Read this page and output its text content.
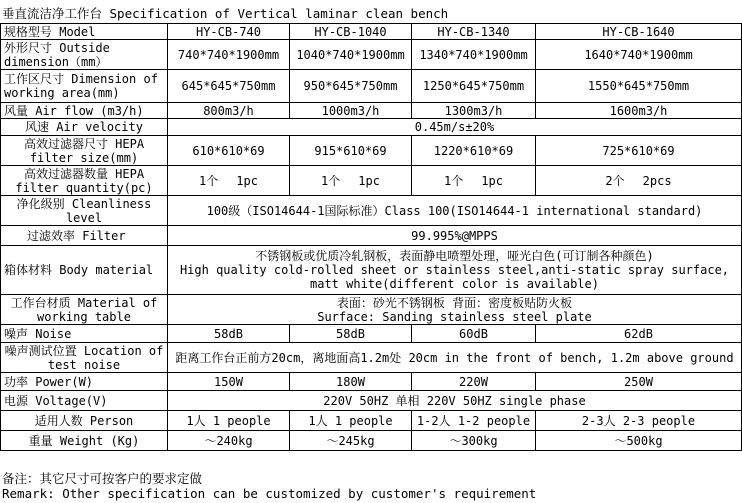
垂直流洁净工作台 Specification of Vertical laminar clean bench
规格型号 Model	HY-CB-740	HY-CB-1040	HY-CB-1340	HY-CB-1640
外形尺寸 Outside dimension（mm）	740*740*1900mm	1040*740*1900mm	1340*740*1900mm	1640*740*1900mm
工作区尺寸 Dimension of working area(mm)	645*645*750mm	950*645*750mm	1250*645*750mm	1550*645*750mm
风量 Air flow (m3/h)	800m3/h	1000m3/h	1300m3/h	1600m3/h
风速 Air velocity	0.45m/s±20%			
高效过滤器尺寸 HEPA filter size(mm)	610*610*69	915*610*69	1220*610*69	725*610*69
高效过滤器数量 HEPA filter quantity(pc)	1个 1pc	1个 1pc	1个 1pc	2个 2pcs
净化级别 Cleanliness level	100级（ISO14644-1国际标准）Class 100(ISO14644-1 international standard)			
过滤效率 Filter	99.995%@MPPS			
箱体材料 Body material	不锈钢板或优质冷轧钢板，表面静电喷塑处理，哑光白色(可订制各种颜色)
High quality cold-rolled sheet or stainless steel,anti-static spray surface,
matt white(different color is available)			

工作台材质 Material of working table	表面：砂光不锈钢板 背面：密度板贴防火板
Surface: Sanding stainless steel plate			

噪声 Noise	58dB	58dB	60dB	62dB
噪声测试位置 Location of test noise	距离工作台正前方20cm，离地面高1.2m处 20cm in the front of bench, 1.2m above ground			
功率 Power(W)	150W	180W	220W	250W
电源 Voltage(V)	220V 50HZ 单相 220V 50HZ single phase			
适用人数 Person	1人 1 people	1人 1 people	1-2人 1-2 people	2-3人 2-3 people
重量 Weight (Kg)	～240kg	～245kg	～300kg	～500kg
备注：其它尺寸可按客户的要求定做
Remark: Other specification can be customized by customer's requirement
